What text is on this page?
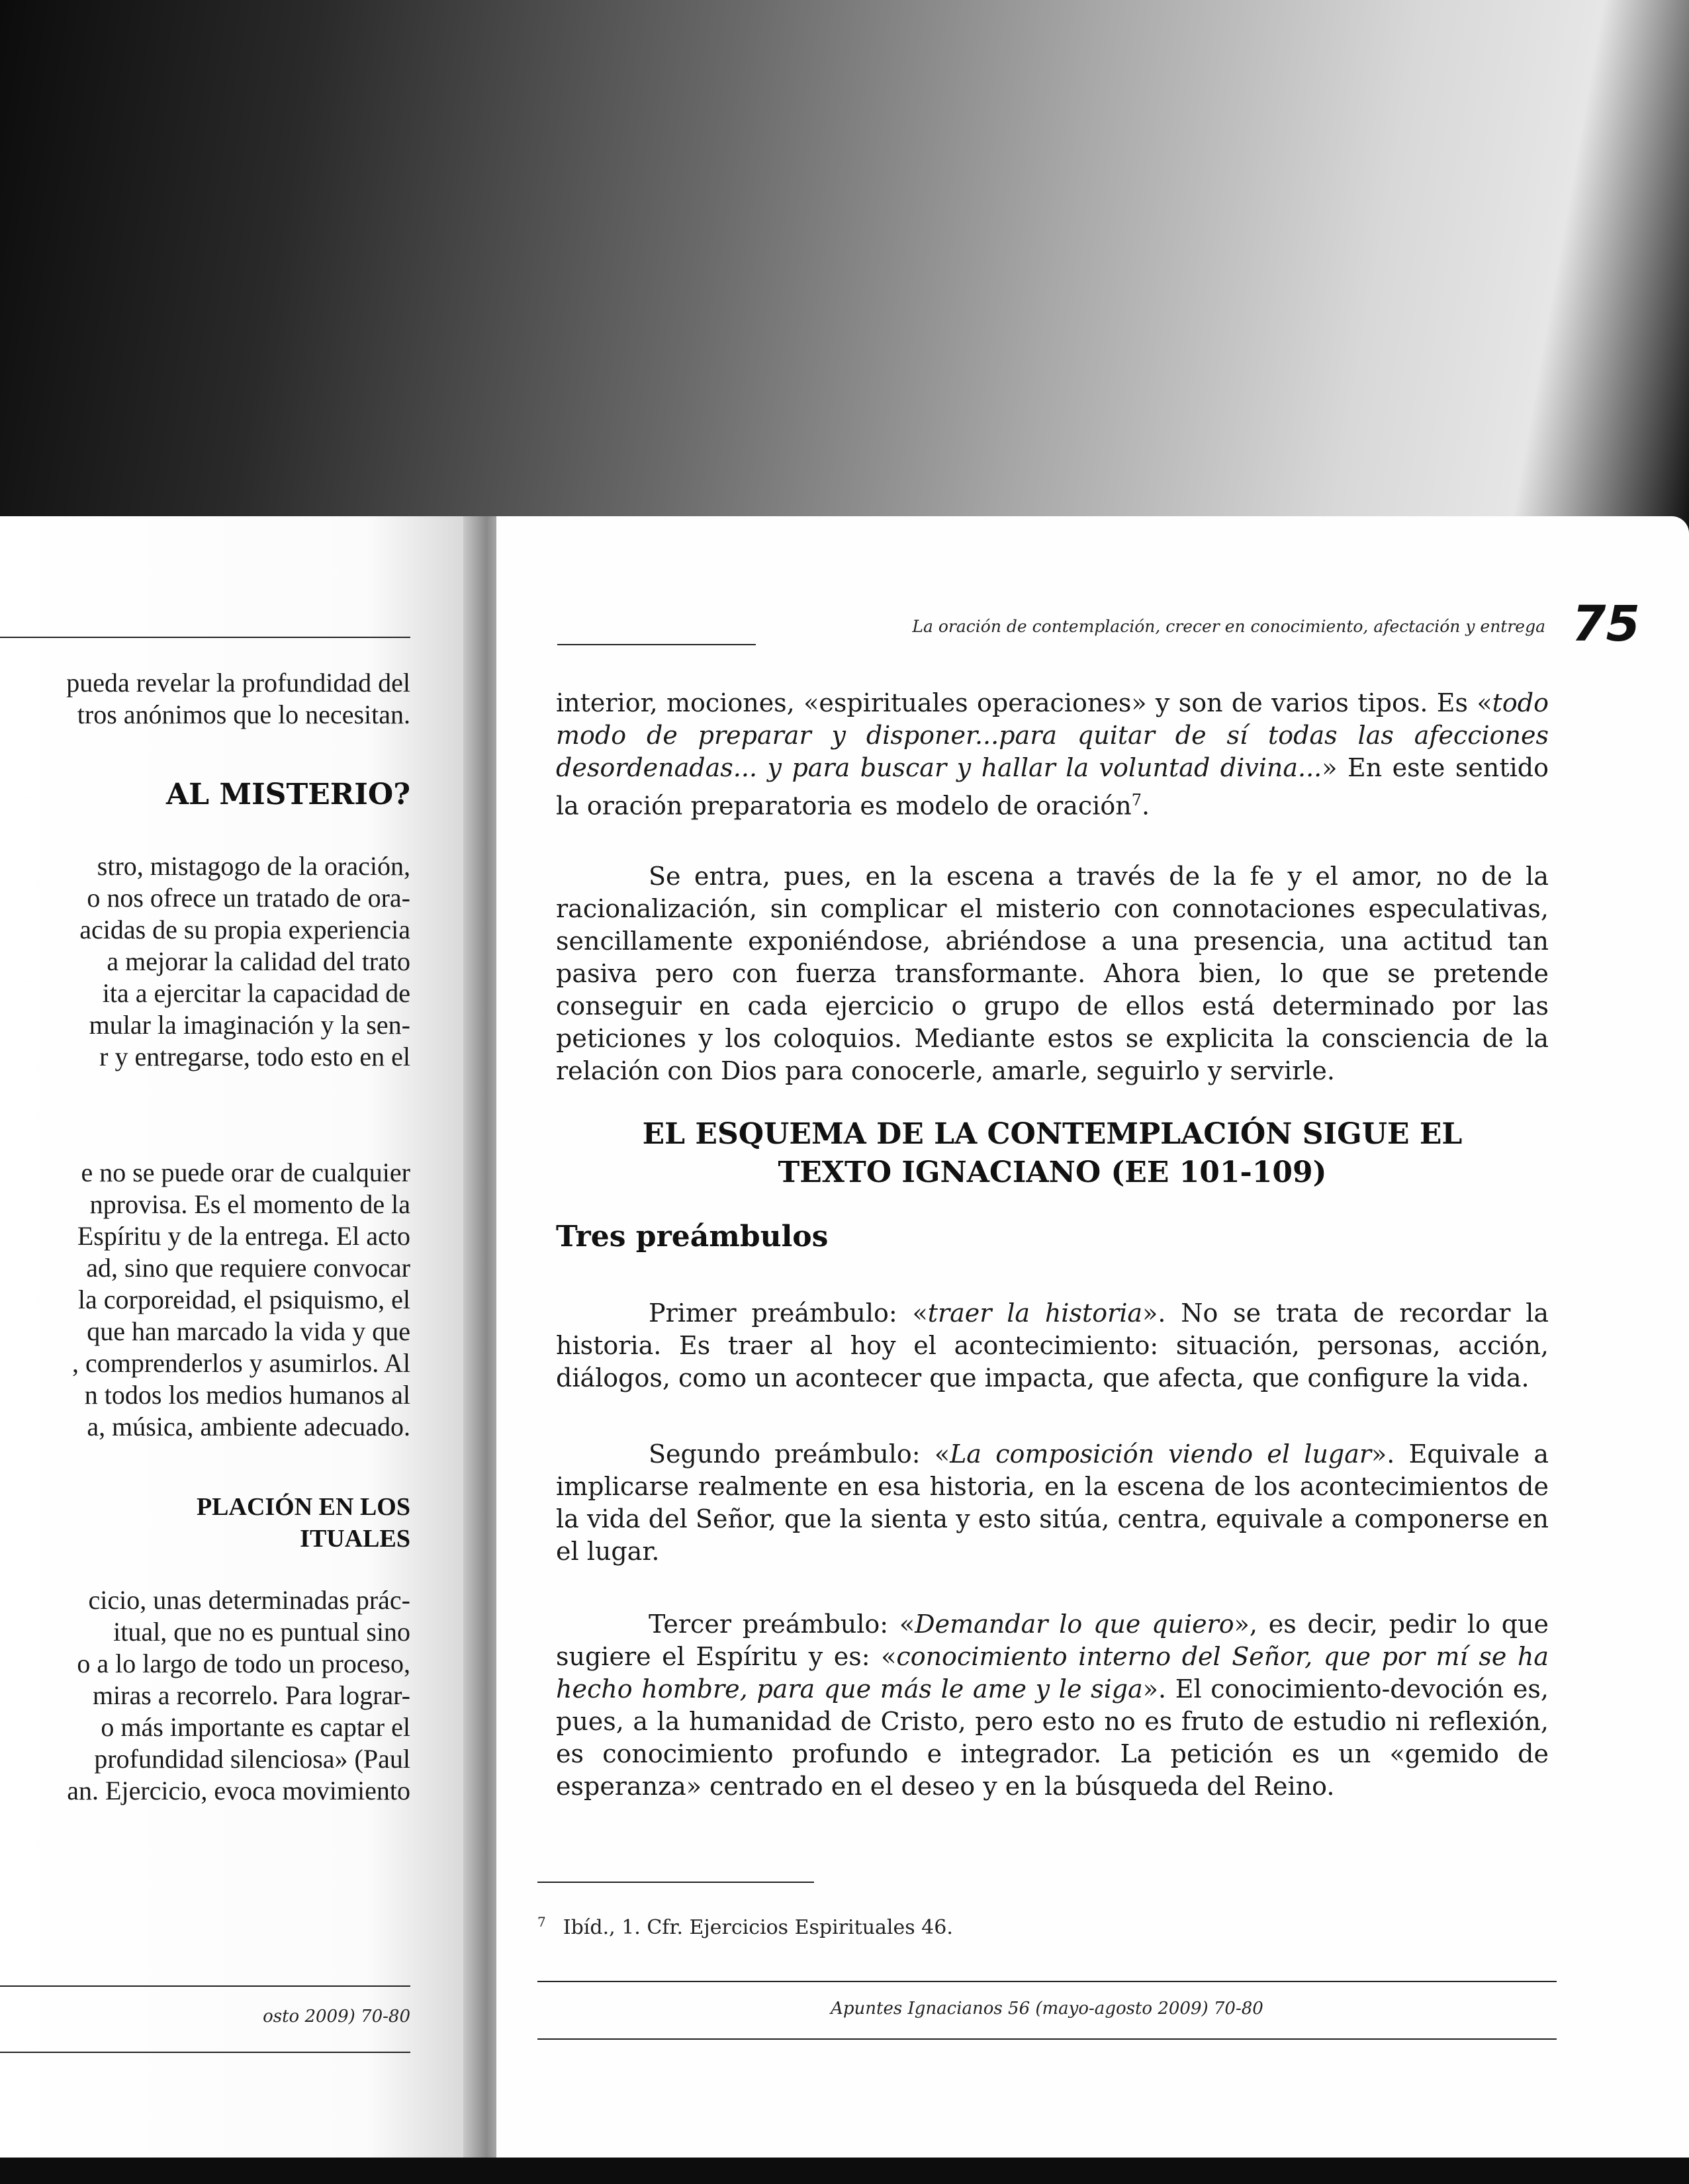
pueda revelar la profundidad del
tros anónimos que lo necesitan.
AL MISTERIO?
stro, mistagogo de la oración,
o nos ofrece un tratado de ora-
acidas de su propia experiencia
a mejorar la calidad del trato
ita a ejercitar la capacidad de
mular la imaginación y la sen-
r y entregarse, todo esto en el
e no se puede orar de cualquier
nprovisa. Es el momento de la
Espíritu y de la entrega. El acto
ad, sino que requiere convocar
la corporeidad, el psiquismo, el
que han marcado la vida y que
, comprenderlos y asumirlos. Al
n todos los medios humanos al
a, música, ambiente adecuado.
PLACIÓN EN LOS
ITUALES
cicio, unas determinadas prác-
itual, que no es puntual sino
o a lo largo de todo un proceso,
miras a recorrelo. Para lograr-
o más importante es captar el
profundidad silenciosa» (Paul
an. Ejercicio, evoca movimiento
osto 2009) 70-80
La oración de contemplación, crecer en conocimiento, afectación y entrega 75
interior, mociones, «espirituales operaciones» y son de varios tipos. Es «todo modo de preparar y disponer...para quitar de sí todas las afecciones desordenadas... y para buscar y hallar la voluntad divina...» En este sentido la oración preparatoria es modelo de oración$^7$.
Se entra, pues, en la escena a través de la fe y el amor, no de la racionalización, sin complicar el misterio con connotaciones especulativas, sencillamente exponiéndose, abriéndose a una presencia, una actitud tan pasiva pero con fuerza transformante. Ahora bien, lo que se pretende conseguir en cada ejercicio o grupo de ellos está determinado por las peticiones y los coloquios. Mediante estos se explicita la consciencia de la relación con Dios para conocerle, amarle, seguirlo y servirle.
EL ESQUEMA DE LA CONTEMPLACIÓN SIGUE EL
TEXTO IGNACIANO (EE 101-109)
Tres preámbulos
Primer preámbulo: «traer la historia». No se trata de recordar la historia. Es traer al hoy el acontecimiento: situación, personas, acción, diálogos, como un acontecer que impacta, que afecta, que configure la vida.
Segundo preámbulo: «La composición viendo el lugar». Equivale a implicarse realmente en esa historia, en la escena de los acontecimientos de la vida del Señor, que la sienta y esto sitúa, centra, equivale a componerse en el lugar.
Tercer preámbulo: «Demandar lo que quiero», es decir, pedir lo que sugiere el Espíritu y es: «conocimiento interno del Señor, que por mí se ha hecho hombre, para que más le ame y le siga». El conocimiento-devoción es, pues, a la humanidad de Cristo, pero esto no es fruto de estudio ni reflexión, es conocimiento profundo e integrador. La petición es un «gemido de esperanza» centrado en el deseo y en la búsqueda del Reino.
$^7$ Ibíd., 1. Cfr. Ejercicios Espirituales 46.
Apuntes Ignacianos 56 (mayo-agosto 2009) 70-80
